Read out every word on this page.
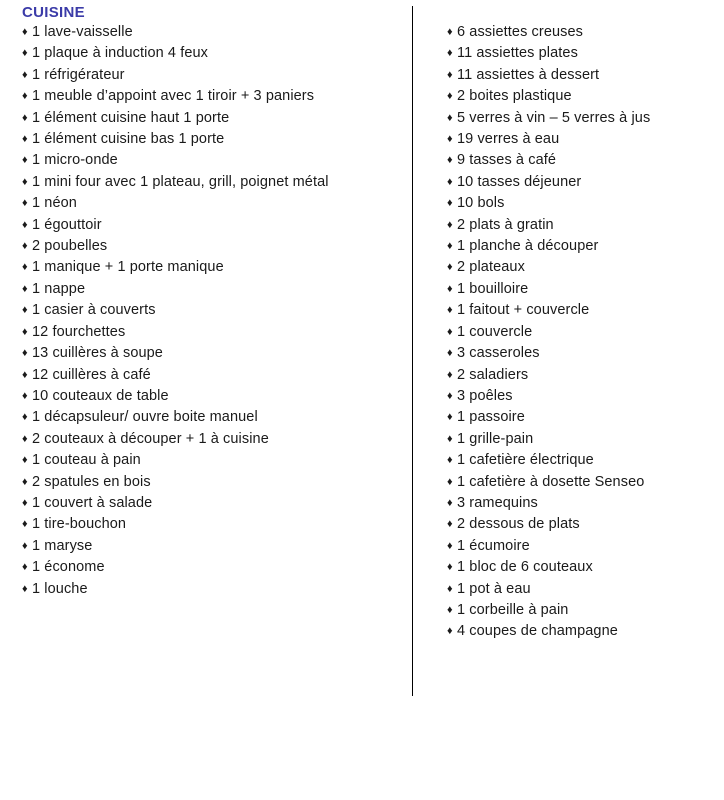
CUISINE
♦ 1 lave-vaisselle
♦ 1 plaque à induction 4 feux
♦ 1 réfrigérateur
♦ 1 meuble d’appoint avec 1 tiroir + 3 paniers
♦ 1 élément cuisine haut 1 porte
♦ 1 élément cuisine bas 1 porte
♦ 1 micro-onde
♦ 1 mini four avec 1 plateau, grill, poignet métal
♦ 1 néon
♦ 1 égouttoir
♦ 2 poubelles
♦ 1 manique + 1 porte manique
♦ 1 nappe
♦ 1 casier à couverts
♦ 12 fourchettes
♦ 13 cuillères à soupe
♦ 12 cuillères à café
♦ 10 couteaux de table
♦ 1 décapsuleur/ ouvre boite manuel
♦ 2 couteaux à découper + 1 à cuisine
♦ 1 couteau à pain
♦ 2 spatules en bois
♦ 1 couvert à salade
♦ 1 tire-bouchon
♦ 1 maryse
♦ 1 économe
♦ 1 louche
♦ 6 assiettes creuses
♦ 11 assiettes plates
♦ 11 assiettes à dessert
♦ 2 boites plastique
♦ 5 verres à vin – 5 verres à jus
♦ 19 verres à eau
♦ 9 tasses à café
♦ 10 tasses déjeuner
♦ 10 bols
♦ 2 plats à gratin
♦ 1 planche à découper
♦ 2 plateaux
♦ 1 bouilloire
♦ 1 faitout + couvercle
♦ 1 couvercle
♦ 3 casseroles
♦ 2 saladiers
♦ 3 poêles
♦ 1 passoire
♦ 1 grille-pain
♦ 1 cafetière électrique
♦ 1 cafetière à dosette Senseo
♦ 3 ramequins
♦ 2 dessous de plats
♦ 1 écumoire
♦ 1 bloc de 6 couteaux
♦ 1 pot à eau
♦ 1 corbeille à pain
♦ 4 coupes de champagne
